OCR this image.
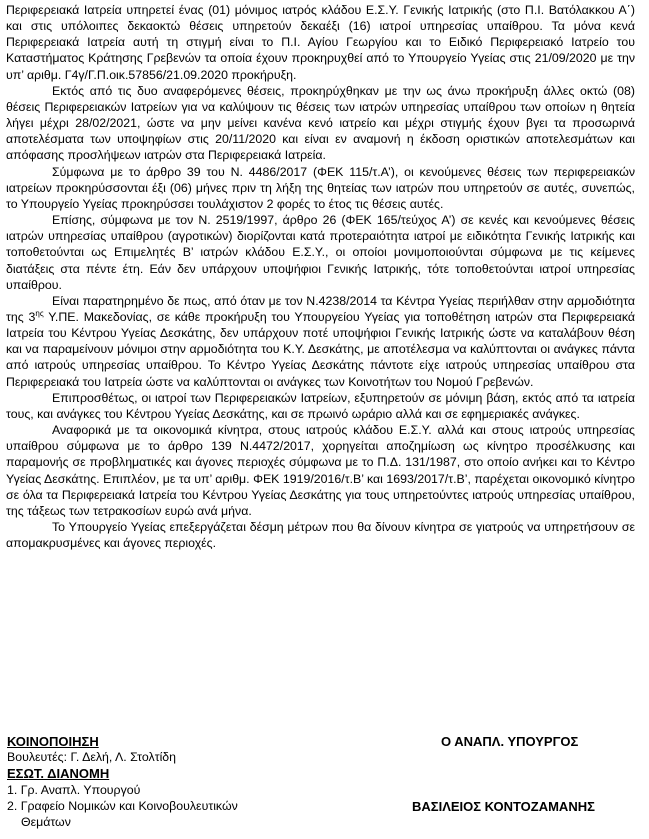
Περιφερειακά Ιατρεία υπηρετεί ένας (01) μόνιμος ιατρός κλάδου Ε.Σ.Υ. Γενικής Ιατρικής (στο Π.Ι. Βατόλακκου Α΄) και στις υπόλοιπες δεκαοκτώ θέσεις υπηρετούν δεκαέξι (16) ιατροί υπηρεσίας υπαίθρου. Τα μόνα κενά Περιφερειακά Ιατρεία αυτή τη στιγμή είναι το Π.Ι. Αγίου Γεωργίου και το Ειδικό Περιφερειακό Ιατρείο του Καταστήματος Κράτησης Γρεβενών τα οποία έχουν προκηρυχθεί από το Υπουργείο Υγείας στις 21/09/2020 με την υπ’ αριθμ. Γ4γ/Γ.Π.οικ.57856/21.09.2020 προκήρυξη.

Εκτός από τις δυο αναφερόμενες θέσεις, προκηρύχθηκαν με την ως άνω προκήρυξη άλλες οκτώ (08) θέσεις Περιφερειακών Ιατρείων για να καλύψουν τις θέσεις των ιατρών υπηρεσίας υπαίθρου των οποίων η θητεία λήγει μέχρι 28/02/2021, ώστε να μην μείνει κανένα κενό ιατρείο και μέχρι στιγμής έχουν βγει τα προσωρινά αποτελέσματα των υποψηφίων στις 20/11/2020 και είναι εν αναμονή η έκδοση οριστικών αποτελεσμάτων και απόφασης προσλήψεων ιατρών στα Περιφερειακά Ιατρεία.

Σύμφωνα με το άρθρο 39 του Ν. 4486/2017 (ΦΕΚ 115/τ.Α’), οι κενούμενες θέσεις των περιφερειακών ιατρείων προκηρύσσονται έξι (06) μήνες πριν τη λήξη της θητείας των ιατρών που υπηρετούν σε αυτές, συνεπώς, το Υπουργείο Υγείας προκηρύσσει τουλάχιστον 2 φορές το έτος τις θέσεις αυτές.

Επίσης, σύμφωνα με τον Ν. 2519/1997, άρθρο 26 (ΦΕΚ 165/τεύχος Α’) σε κενές και κενούμενες θέσεις ιατρών υπηρεσίας υπαίθρου (αγροτικών) διορίζονται κατά προτεραιότητα ιατροί με ειδικότητα Γενικής Ιατρικής και τοποθετούνται ως Επιμελητές Β’ ιατρών κλάδου Ε.Σ.Υ., οι οποίοι μονιμοποιούνται σύμφωνα με τις κείμενες διατάξεις στα πέντε έτη. Εάν δεν υπάρχουν υποψήφιοι Γενικής Ιατρικής, τότε τοποθετούνται ιατροί υπηρεσίας υπαίθρου.

Είναι παρατηρημένο δε πως, από όταν με τον Ν.4238/2014 τα Κέντρα Υγείας περιήλθαν στην αρμοδιότητα της $3^{\eta\varsigma}$ Υ.ΠΕ. Μακεδονίας, σε κάθε προκήρυξη του Υπουργείου Υγείας για τοποθέτηση ιατρών στα Περιφερειακά Ιατρεία του Κέντρου Υγείας Δεσκάτης, δεν υπάρχουν ποτέ υποψήφιοι Γενικής Ιατρικής ώστε να καταλάβουν θέση και να παραμείνουν μόνιμοι στην αρμοδιότητα του Κ.Υ. Δεσκάτης, με αποτέλεσμα να καλύπτονται οι ανάγκες πάντα από ιατρούς υπηρεσίας υπαίθρου. Το Κέντρο Υγείας Δεσκάτης πάντοτε είχε ιατρούς υπηρεσίας υπαίθρου στα Περιφερειακά του Ιατρεία ώστε να καλύπτονται οι ανάγκες των Κοινοτήτων του Νομού Γρεβενών.

Επιπροσθέτως, οι ιατροί των Περιφερειακών Ιατρείων, εξυπηρετούν σε μόνιμη βάση, εκτός από τα ιατρεία τους, και ανάγκες του Κέντρου Υγείας Δεσκάτης, και σε πρωινό ωράριο αλλά και σε εφημεριακές ανάγκες.

Αναφορικά με τα οικονομικά κίνητρα, στους ιατρούς κλάδου Ε.Σ.Υ. αλλά και στους ιατρούς υπηρεσίας υπαίθρου σύμφωνα με το άρθρο 139 Ν.4472/2017, χορηγείται αποζημίωση ως κίνητρο προσέλκυσης και παραμονής σε προβληματικές και άγονες περιοχές σύμφωνα με το Π.Δ. 131/1987, στο οποίο ανήκει και το Κέντρο Υγείας Δεσκάτης. Επιπλέον, με τα υπ’ αριθμ. ΦΕΚ 1919/2016/τ.Β’ και 1693/2017/τ.Β’, παρέχεται οικονομικό κίνητρο σε όλα τα Περιφερειακά Ιατρεία του Κέντρου Υγείας Δεσκάτης για τους υπηρετούντες ιατρούς υπηρεσίας υπαίθρου, της τάξεως των τετρακοσίων ευρώ ανά μήνα.

Το Υπουργείο Υγείας επεξεργάζεται δέσμη μέτρων που θα δίνουν κίνητρα σε γιατρούς να υπηρετήσουν σε απομακρυσμένες και άγονες περιοχές.

ΚΟΙΝΟΠΟΙΗΣΗ
Βουλευτές: Γ. Δελή, Λ. Στολτίδη
ΕΣΩΤ. ΔΙΑΝΟΜΗ
1. Γρ. Αναπλ. Υπουργού
2. Γραφείο Νομικών και Κοινοβουλευτικών
Θεμάτων
Ο ΑΝΑΠΛ. ΥΠΟΥΡΓΟΣ
ΒΑΣΙΛΕΙΟΣ ΚΟΝΤΟΖΑΜΑΝΗΣ
